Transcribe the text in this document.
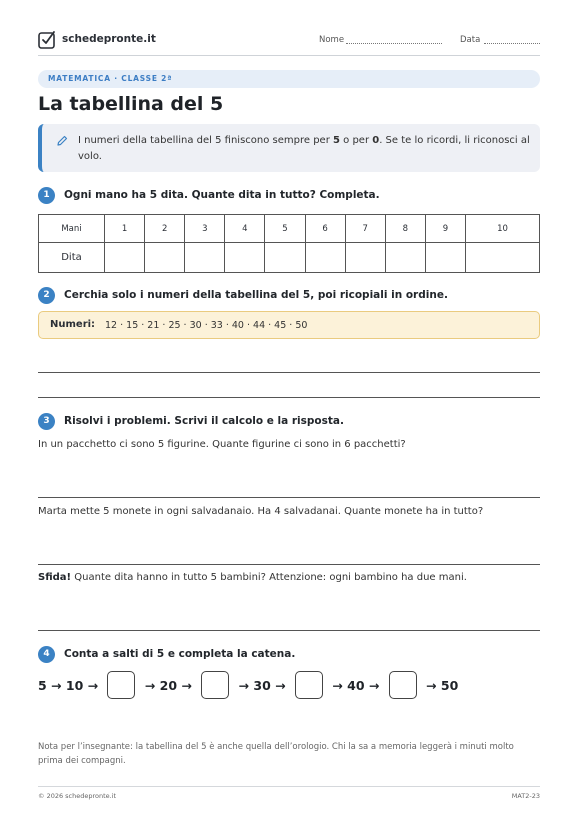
schedepronte.it	Nome	Data
MATEMATICA · CLASSE 2ª
La tabellina del 5
I numeri della tabellina del 5 finiscono sempre per 5 o per 0. Se te lo ricordi, li riconosci al volo.
1	Ogni mano ha 5 dita. Quante dita in tutto? Completa.
Mani	1	2	3	4	5	6	7	8	9	10
Dita										
2	Cerchia solo i numeri della tabellina del 5, poi ricopiali in ordine.
Numeri: 12 · 15 · 21 · 25 · 30 · 33 · 40 · 44 · 45 · 50
3	Risolvi i problemi. Scrivi il calcolo e la risposta.
In un pacchetto ci sono 5 figurine. Quante figurine ci sono in 6 pacchetti?
Marta mette 5 monete in ogni salvadanaio. Ha 4 salvadanai. Quante monete ha in tutto?
Sfida! Quante dita hanno in tutto 5 bambini? Attenzione: ogni bambino ha due mani.
4	Conta a salti di 5 e completa la catena.
5 → 10 →	→ 20 →	→ 30 →	→ 40 →	→ 50
Nota per l’insegnante: la tabellina del 5 è anche quella dell’orologio. Chi la sa a memoria leggerà i minuti molto prima dei compagni.
© 2026 schedepronte.it	MAT2-23
